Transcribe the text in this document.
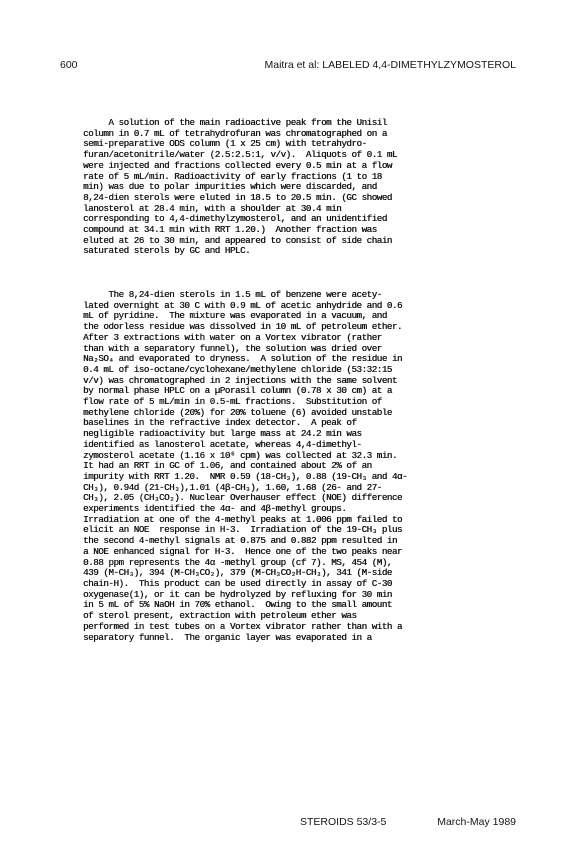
600	Maitra et al: LABELED 4,4-DIMETHYLZYMOSTEROL
A solution of the main radioactive peak from the Unisil
column in 0.7 mL of tetrahydrofuran was chromatographed on a
semi-preparative ODS column (1 x 25 cm) with tetrahydro-
furan/acetonitrile/water (2.5:2.5:1, v/v).  Aliquots of 0.1 mL
were injected and fractions collected every 0.5 min at a flow
rate of 5 mL/min. Radioactivity of early fractions (1 to 18
min) was due to polar impurities which were discarded, and
8,24-dien sterols were eluted in 18.5 to 20.5 min. (GC showed
lanosterol at 28.4 min, with a shoulder at 30.4 min
corresponding to 4,4-dimethylzymosterol, and an unidentified
compound at 34.1 min with RRT 1.20.)  Another fraction was
eluted at 26 to 30 min, and appeared to consist of side chain
saturated sterols by GC and HPLC.
The 8,24-dien sterols in 1.5 mL of benzene were acety-
lated overnight at 30 C with 0.9 mL of acetic anhydride and 0.6
mL of pyridine.  The mixture was evaporated in a vacuum, and
the odorless residue was dissolved in 10 mL of petroleum ether.
After 3 extractions with water on a Vortex vibrator (rather
than with a separatory funnel), the solution was dried over
Na₂SO₄ and evaporated to dryness.  A solution of the residue in
0.4 mL of iso-octane/cyclohexane/methylene chloride (53:32:15
v/v) was chromatographed in 2 injections with the same solvent
by normal phase HPLC on a µPorasil column (0.78 x 30 cm) at a
flow rate of 5 mL/min in 0.5-mL fractions.  Substitution of
methylene chloride (20%) for 20% toluene (6) avoided unstable
baselines in the refractive index detector.  A peak of
negligible radioactivity but large mass at 24.2 min was
identified as lanosterol acetate, whereas 4,4-dimethyl-
zymosterol acetate (1.16 x 10⁶ cpm) was collected at 32.3 min.
It had an RRT in GC of 1.06, and contained about 2% of an
impurity with RRT 1.20.  NMR 0.59 (18-CH₃), 0.88 (19-CH₃ and 4α-
CH₃), 0.94d (21-CH₃),1.01 (4β-CH₃), 1.60, 1.68 (26- and 27-
CH₃), 2.05 (CH₃CO₂). Nuclear Overhauser effect (NOE) difference
experiments identified the 4α- and 4β-methyl groups.
Irradiation at one of the 4-methyl peaks at 1.006 ppm failed to
elicit an NOE  response in H-3.  Irradiation of the 19-CH₃ plus
the second 4-methyl signals at 0.875 and 0.882 ppm resulted in
a NOE enhanced signal for H-3.  Hence one of the two peaks near
0.88 ppm represents the 4α -methyl group (cf 7). MS, 454 (M),
439 (M-CH₃), 394 (M-CH₃CO₂), 379 (M-CH₃CO₂H-CH₃), 341 (M-side
chain-H).  This product can be used directly in assay of C-30
oxygenase(1), or it can be hydrolyzed by refluxing for 30 min
in 5 mL of 5% NaOH in 70% ethanol.  Owing to the small amount
of sterol present, extraction with petroleum ether was
performed in test tubes on a Vortex vibrator rather than with a
separatory funnel.  The organic layer was evaporated in a
STEROIDS 53/3-5	March-May 1989
